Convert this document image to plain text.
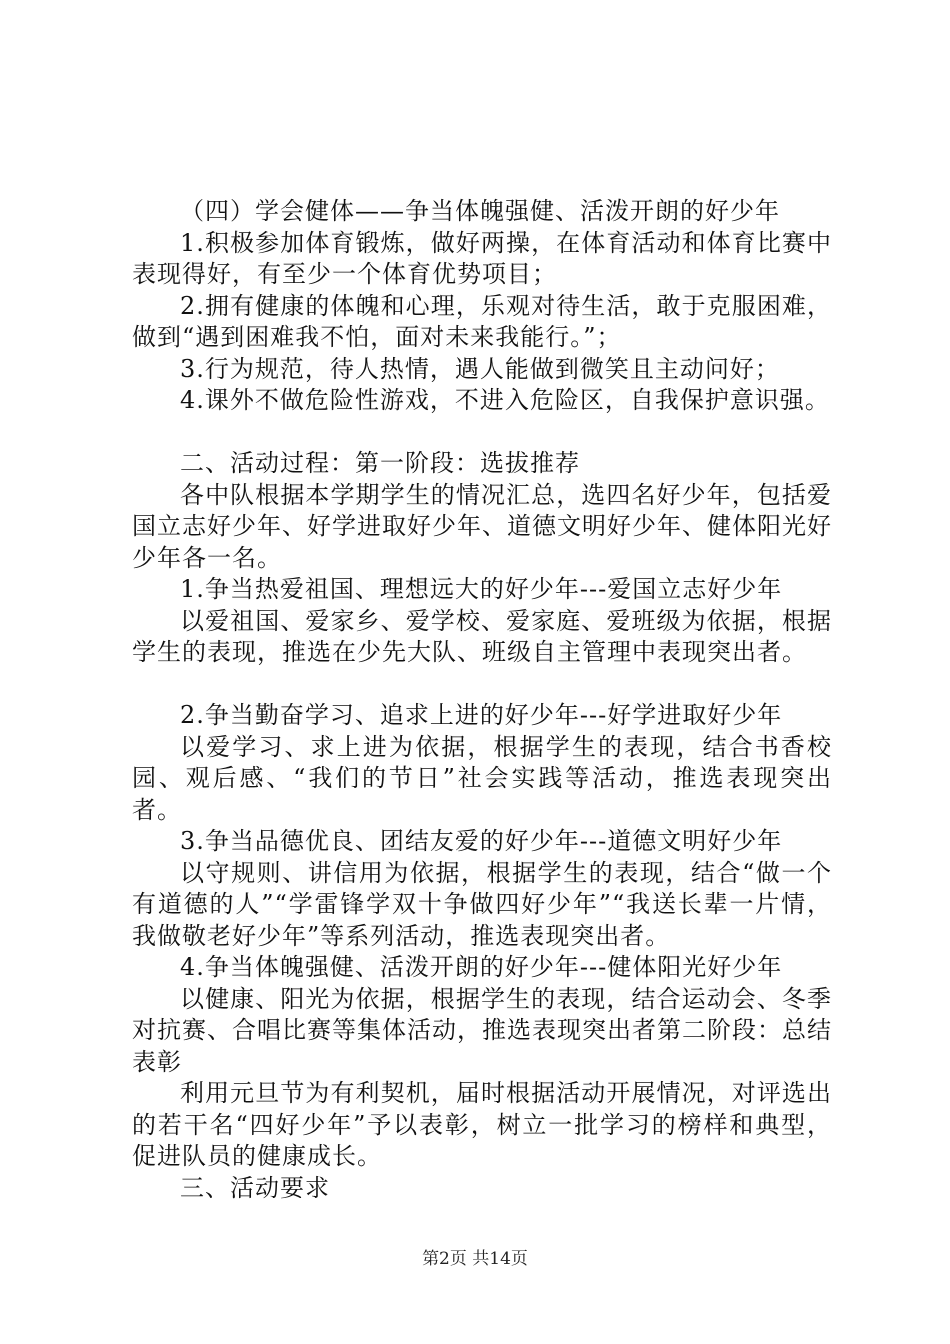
（四）学会健体——争当体魄强健、活泼开朗的好少年

1.积极参加体育锻炼，做好两操，在体育活动和体育比赛中表现得好，有至少一个体育优势项目；

2.拥有健康的体魄和心理，乐观对待生活，敢于克服困难，做到“遇到困难我不怕，面对未来我能行。”；

3.行为规范，待人热情，遇人能做到微笑且主动问好；

4.课外不做危险性游戏，不进入危险区，自我保护意识强。

二、活动过程：第一阶段：选拔推荐

各中队根据本学期学生的情况汇总，选四名好少年，包括爱国立志好少年、好学进取好少年、道德文明好少年、健体阳光好少年各一名。

1.争当热爱祖国、理想远大的好少年---爱国立志好少年

以爱祖国、爱家乡、爱学校、爱家庭、爱班级为依据，根据学生的表现，推选在少先大队、班级自主管理中表现突出者。

2.争当勤奋学习、追求上进的好少年---好学进取好少年

以爱学习、求上进为依据，根据学生的表现，结合书香校园、观后感、“我们的节日”社会实践等活动，推选表现突出者。

3.争当品德优良、团结友爱的好少年---道德文明好少年

以守规则、讲信用为依据，根据学生的表现，结合“做一个有道德的人”“学雷锋学双十争做四好少年”“我送长辈一片情，我做敬老好少年”等系列活动，推选表现突出者。

4.争当体魄强健、活泼开朗的好少年---健体阳光好少年

以健康、阳光为依据，根据学生的表现，结合运动会、冬季对抗赛、合唱比赛等集体活动，推选表现突出者第二阶段：总结表彰

利用元旦节为有利契机，届时根据活动开展情况，对评选出的若干名“四好少年”予以表彰，树立一批学习的榜样和典型，促进队员的健康成长。

三、活动要求

第2页 共14页
